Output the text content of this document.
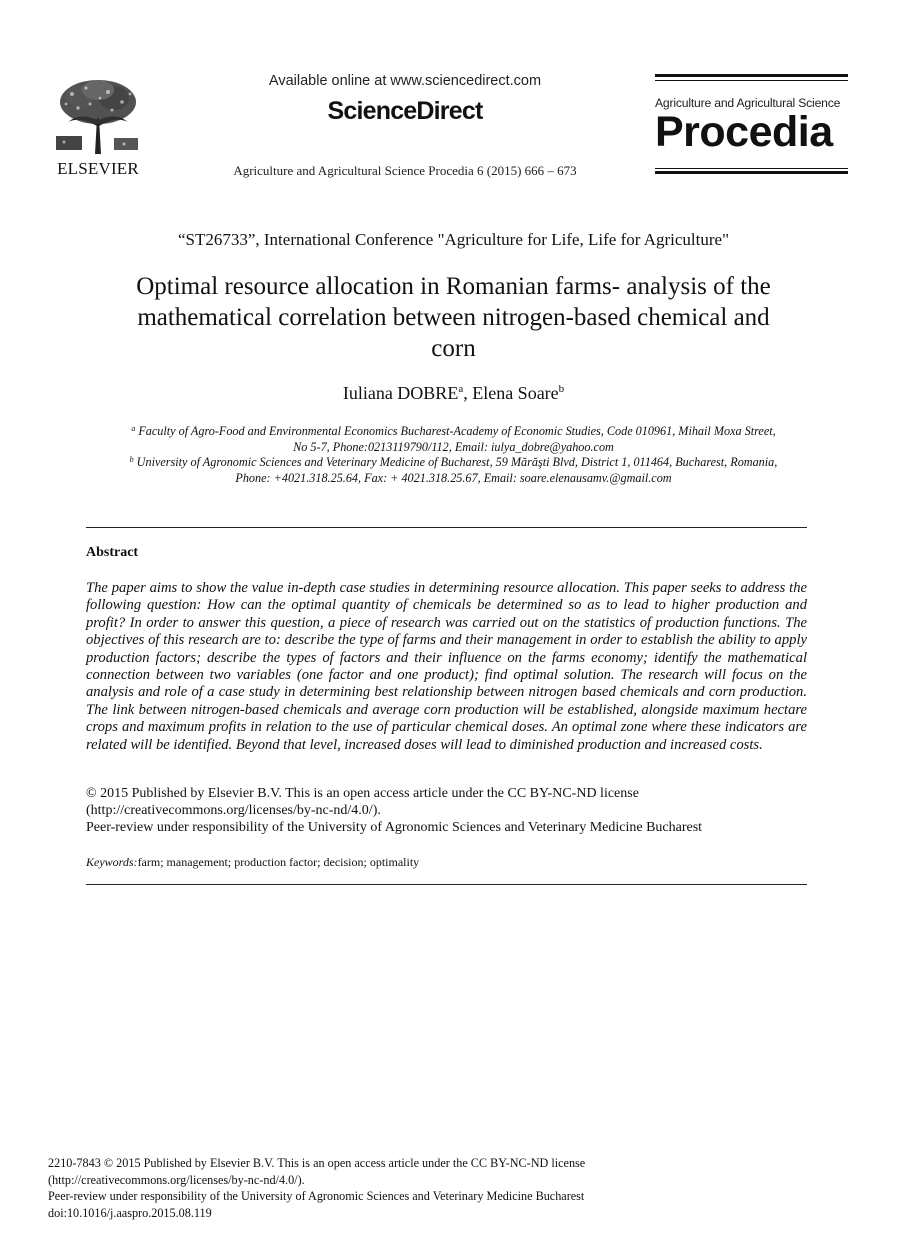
ELSEVIER
Available online at www.sciencedirect.com
ScienceDirect
Agriculture and Agricultural Science Procedia 6 (2015) 666 – 673
Agriculture and Agricultural Science
Procedia
“ST26733”, International Conference "Agriculture for Life, Life for Agriculture"
Optimal resource allocation in Romanian farms- analysis of the
mathematical correlation between nitrogen-based chemical and
corn
Iuliana DOBRE$^a$, Elena Soare$^b$
$^a$ Faculty of Agro-Food and Environmental Economics Bucharest-Academy of Economic Studies, Code 010961, Mihail Moxa Street,
No 5-7, Phone:0213119790/112, Email: iulya_dobre@yahoo.com
$^b$ University of Agronomic Sciences and Veterinary Medicine of Bucharest, 59 Mărăşti Blvd, District 1, 011464, Bucharest, Romania,
Phone: +4021.318.25.64, Fax: + 4021.318.25.67, Email: soare.elenausamv.@gmail.com
Abstract
The paper aims to show the value in-depth case studies in determining resource allocation. This paper seeks to address the following question: How can the optimal quantity of chemicals be determined so as to lead to higher production and profit? In order to answer this question, a piece of research was carried out on the statistics of production functions. The objectives of this research are to: describe the type of farms and their management in order to establish the ability to apply production factors; describe the types of factors and their influence on the farms economy; identify the mathematical connection between two variables (one factor and one product); find optimal solution. The research will focus on the analysis and role of a case study in determining best relationship between nitrogen based chemicals and corn production. The link between nitrogen-based chemicals and average corn production will be established, alongside maximum hectare crops and maximum profits in relation to the use of particular chemical doses. An optimal zone where these indicators are related will be identified. Beyond that level, increased doses will lead to diminished production and increased costs.
© 2015 Published by Elsevier B.V. This is an open access article under the CC BY-NC-ND license
(http://creativecommons.org/licenses/by-nc-nd/4.0/).
Peer-review under responsibility of the University of Agronomic Sciences and Veterinary Medicine Bucharest
Keywords:farm; management; production factor; decision; optimality
2210-7843 © 2015 Published by Elsevier B.V. This is an open access article under the CC BY-NC-ND license
(http://creativecommons.org/licenses/by-nc-nd/4.0/).
Peer-review under responsibility of the University of Agronomic Sciences and Veterinary Medicine Bucharest
doi:10.1016/j.aaspro.2015.08.119
